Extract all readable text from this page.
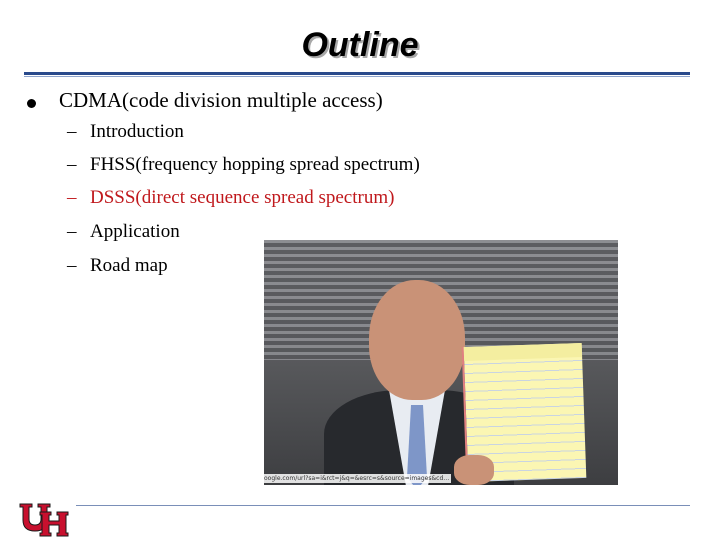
Outline
CDMA(code division multiple access)
– Introduction
– FHSS(frequency hopping spread spectrum)
– DSSS(direct sequence spread spectrum)
– Application
– Road map
oogle.com/url?sa=i&rct=j&q=&esrc=s&source=images&cd…
